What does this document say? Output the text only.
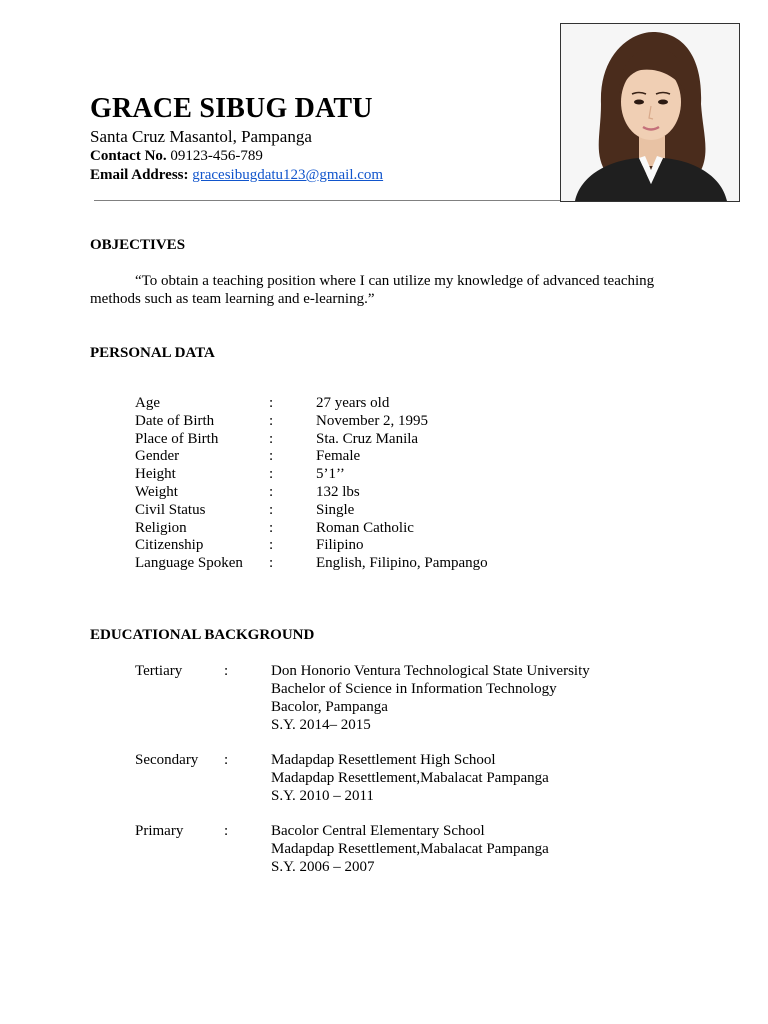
GRACE SIBUG DATU
Santa Cruz Masantol, Pampanga
Contact No. 09123-456-789
Email Address: gracesibugdatu123@gmail.com
OBJECTIVES
“To obtain a teaching position where I can utilize my knowledge of advanced teaching methods such as team learning and e-learning.”
PERSONAL DATA
Age	:	27 years old
Date of Birth	:	November 2, 1995
Place of Birth	:	Sta. Cruz Manila
Gender	:	Female
Height	:	5’1’’
Weight	:	132 lbs
Civil Status	:	Single
Religion	:	Roman Catholic
Citizenship	:	Filipino
Language Spoken :	English, Filipino, Pampango
EDUCATIONAL BACKGROUND
Tertiary	:	Don Honorio Ventura Technological State University
Bachelor of Science in Information Technology
Bacolor, Pampanga
S.Y. 2014– 2015
Secondary :	Madapdap Resettlement High School
Madapdap Resettlement,Mabalacat Pampanga
S.Y. 2010 – 2011
Primary	:	Bacolor Central Elementary School
Madapdap Resettlement,Mabalacat Pampanga
S.Y. 2006 – 2007
